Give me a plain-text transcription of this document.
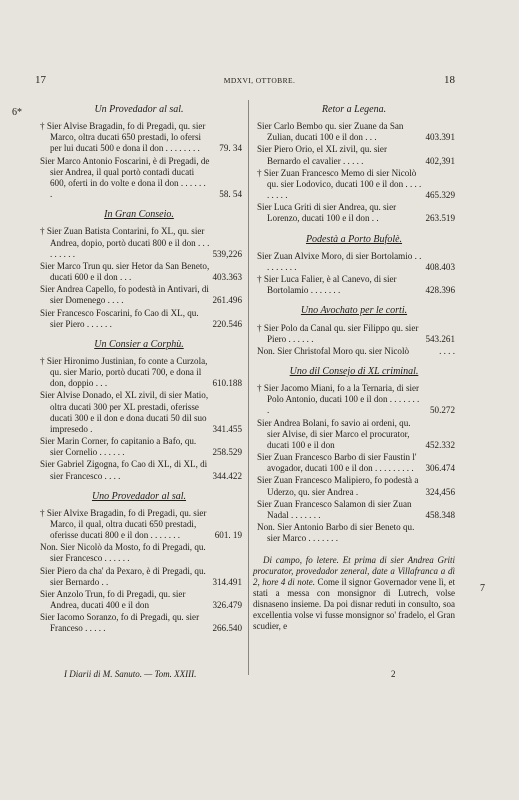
17	MDXVI, OTTOBRE.	18
6*
7
Un Provedador al sal.
† Sier Alvise Bragadin, fo di Pregadi, qu. sier Marco, oltra ducati 650 prestadi, lo ofersi per lui ducati 500 e dona il don . . . . . . . .	79. 34
Sier Marco Antonio Foscarini, è di Pregadi, de sier Andrea, il qual portò contadi ducati 600, oferti in do volte e dona il don . . . . . . .	58. 54
In Gran Conseio.
† Sier Zuan Batista Contarini, fo XL, qu. sier Andrea, dopio, portò ducati 800 e il don . . . . . . . . .	539,226
Sier Marco Trun qu. sier Hetor da San Beneto, ducati 600 e il don . . .	403.363
Sier Andrea Capello, fo podestà in Antivari, di sier Domenego . . . .	261.496
Sier Francesco Foscarini, fo Cao di XL, qu. sier Piero . . . . . .	220.546
Un Consier a Corphù.
† Sier Hironimo Justinian, fo conte a Curzola, qu. sier Mario, portò ducati 700, e dona il don, doppio . . .	610.188
Sier Alvise Donado, el XL zivil, di sier Matio, oltra ducati 300 per XL prestadi, oferisse ducati 300 e il don e dona ducati 50 dil suo impresedo .	341.455
Sier Marin Corner, fo capitanio a Bafo, qu. sier Cornelio . . . . . .	258.529
Sier Gabriel Zigogna, fo Cao di XL, di XL, di sier Francesco . . . .	344.422
Uno Provedador al sal.
† Sier Alvixe Bragadin, fo di Pregadi, qu. sier Marco, il qual, oltra ducati 650 prestadi, oferisse ducati 800 e il don . . . . . . .	601. 19
Non. Sier Nicolò da Mosto, fo di Pregadi, qu. sier Francesco . . . . . .
Sier Piero da cha' da Pexaro, è di Pregadi, qu. sier Bernardo . .	314.491
Sier Anzolo Trun, fo di Pregadi, qu. sier Andrea, ducati 400 e il don	326.479
Sier Iacomo Soranzo, fo di Pregadi, qu. sier Franceso . . . . .	266.540
Retor a Legena.
Sier Carlo Bembo qu. sier Zuane da San Zulian, ducati 100 e il don . . .	403.391
Sier Piero Orio, el XL zivil, qu. sier Bernardo el cavalier . . . . .	402,391
† Sier Zuan Francesco Memo di sier Nicolò qu. sier Lodovico, ducati 100 e il don . . . . . . . . .	465.329
Sier Luca Griti di sier Andrea, qu. sier Lorenzo, ducati 100 e il don . .	263.519
Podestà a Porto Bufolè.
Sier Zuan Alvixe Moro, di sier Bortolamio . . . . . . . . .	408.403
† Sier Luca Falier, è al Canevo, di sier Bortolamio . . . . . . .	428.396
Uno Avochato per le corti.
† Sier Polo da Canal qu. sier Filippo qu. sier Piero . . . . . .	543.261
Non. Sier Christofal Moro qu. sier Nicolò	. . . .
Uno dil Consejo di XL criminal.
† Sier Jacomo Miani, fo a la Ternaria, di sier Polo Antonio, ducati 100 e il don . . . . . . . .	50.272
Sier Andrea Bolani, fo savio ai ordeni, qu. sier Alvise, di sier Marco el procurator, ducati 100 e il don	452.332
Sier Zuan Francesco Barbo di sier Faustin l' avogador, ducati 100 e il don . . . . . . . . .	306.474
Sier Zuan Francesco Malipiero, fo podestà a Uderzo, qu. sier Andrea .	324,456
Sier Zuan Francesco Salamon di sier Zuan Nadal . . . . . . .	458.348
Non. Sier Antonio Barbo di sier Beneto qu. sier Marco . . . . . . .
Di campo, fo letere. Et prima di sier Andrea Griti procurator, provedador zeneral, date a Villafranca a dì 2, hore 4 di note. Come il signor Governador vene lì, et stati a messa con monsignor di Lutrech, volse disnaseno insieme. Da poi disnar reduti in consulto, soa excellentia volse vi fusse monsignor so' fradelo, el Gran scudier, e
I Diarii di M. Sanuto. — Tom. XXIII.	2
